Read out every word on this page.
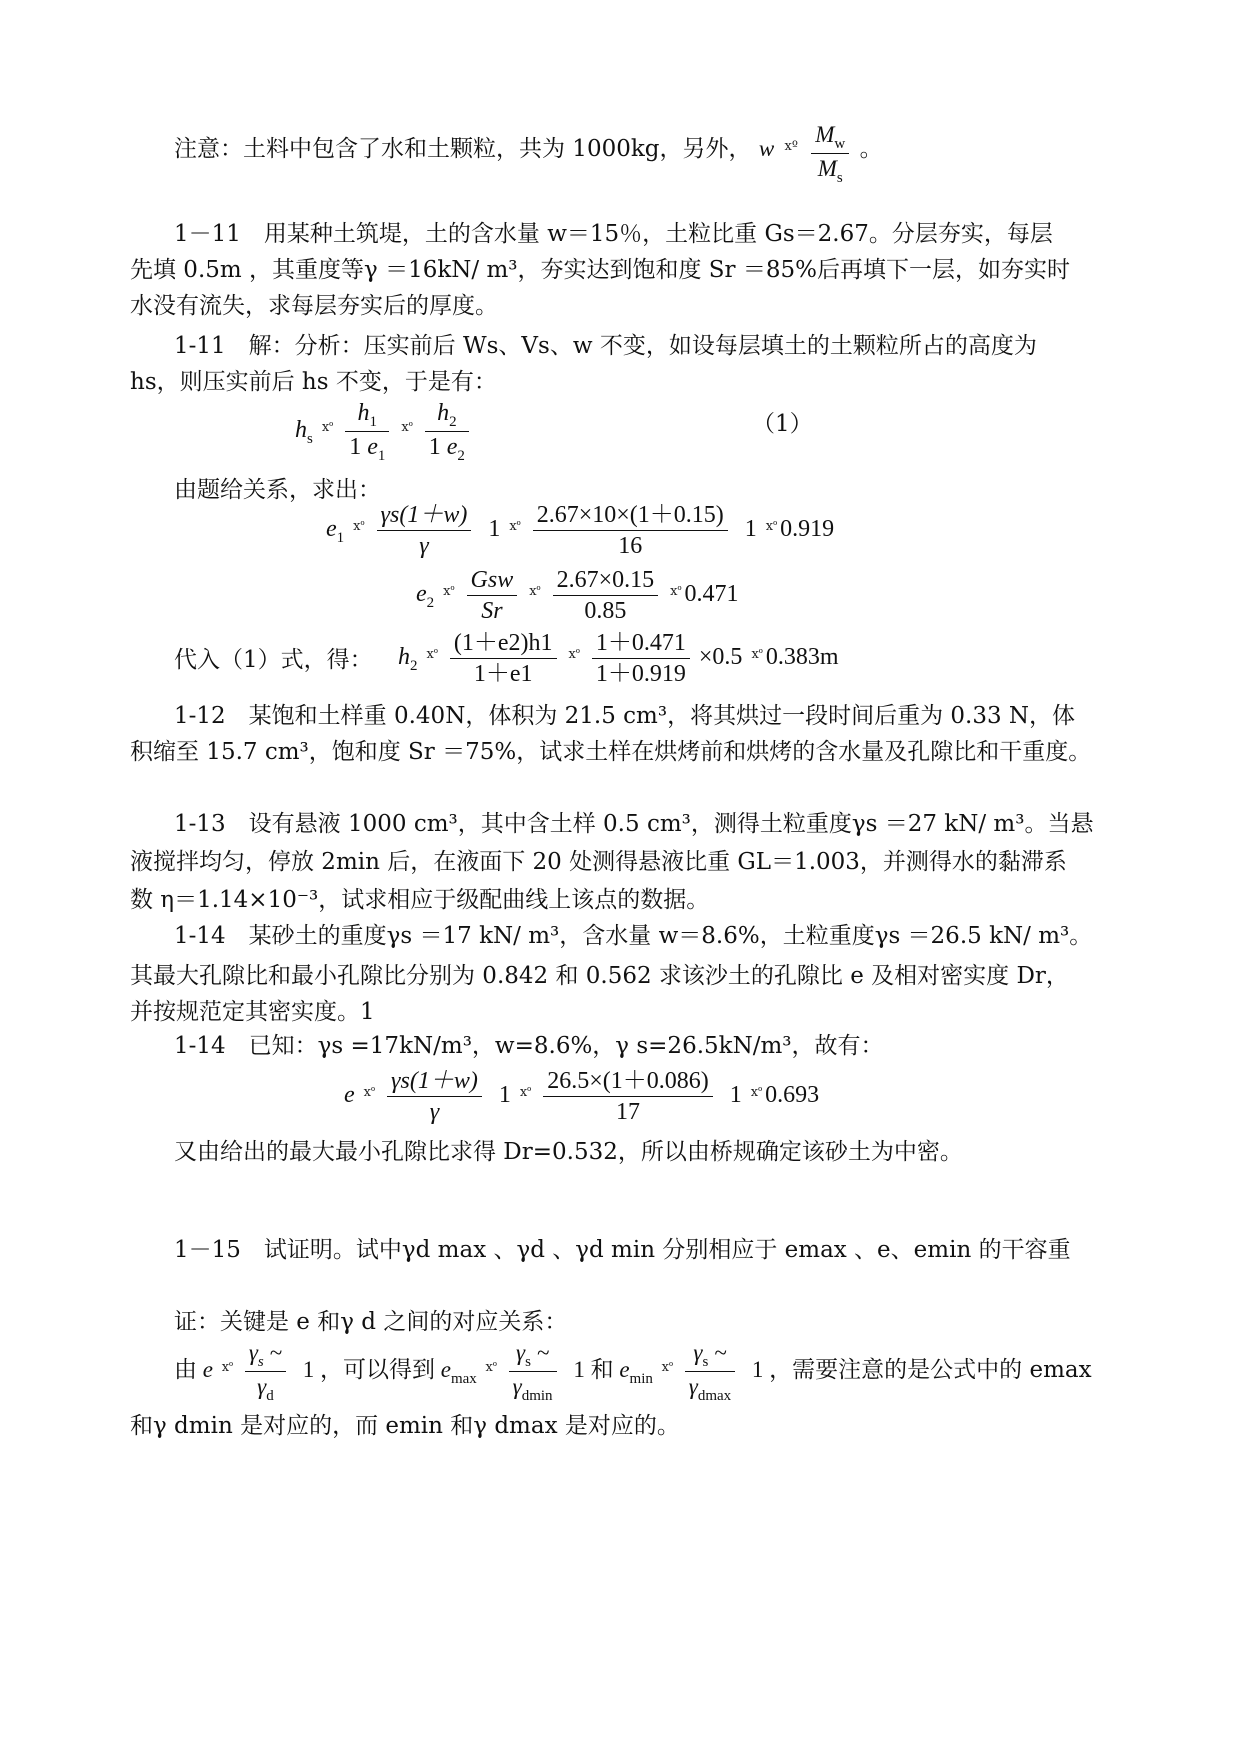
注意：土料中包含了水和土颗粒，共为 1000kg，另外， w $^{ⅹº} \frac{M_w}{M_s}$ 。
1－11　用某种土筑堤，土的含水量 w＝15％，土粒比重 Gs＝2.67。分层夯实，每层
先填 0.5m ，其重度等γ ＝16kN/ m³，夯实达到饱和度 Sr ＝85%后再填下一层，如夯实时
水没有流失，求每层夯实后的厚度。
1-11　解：分析：压实前后 Ws、Vs、w 不变，如设每层填土的土颗粒所占的高度为
hs，则压实前后 hs 不变，于是有：
$h_s$ $^{ⅹº} \frac{h_1}{1 e_1} ^{ⅹº} \frac{h_2}{1 e_2}$	（1）
由题给关系，求出：
$e_1$ $^{ⅹº} \frac{\gamma s(1+w)}{\gamma} 1$ $^{ⅹº} \frac{2.67\times 10\times(1+0.15)}{16} 1$ $^{ⅹº}$ 0.919
$e_2$ $^{ⅹº} \frac{\text{Gsw}}{Sr} ^{ⅹº} \frac{2.67\times 0.15}{0.85} ^{ⅹº}$ 0.471
代入（1）式，得： $h_2$ $^{ⅹº} \frac{(1+e2)h1}{1+e1} ^{ⅹº} \frac{1+0.471}{1+0.919} \times 0.5$ $^{ⅹº}$ 0.383m
1-12　某饱和土样重 0.40N，体积为 21.5 cm³，将其烘过一段时间后重为 0.33 N，体
积缩至 15.7 cm³，饱和度 Sr ＝75%，试求土样在烘烤前和烘烤的含水量及孔隙比和干重度。
1-13　设有悬液 1000 cm³，其中含土样 0.5 cm³，测得土粒重度γs ＝27 kN/ m³。当悬
液搅拌均匀，停放 2min 后，在液面下 20 处测得悬液比重 GL＝1.003，并测得水的黏滞系
数 η＝1.14×10⁻³，试求相应于级配曲线上该点的数据。
1-14　某砂土的重度γs ＝17 kN/ m³，含水量 w＝8.6%，土粒重度γs ＝26.5 kN/ m³。
其最大孔隙比和最小孔隙比分别为 0.842 和 0.562 求该沙土的孔隙比 e 及相对密实度 Dr，
并按规范定其密实度。1
1-14　已知：γs =17kN/m³，w=8.6%，γ s=26.5kN/m³，故有：
e $^{ⅹº} \frac{\gamma s(1+w)}{\gamma} 1$ $^{ⅹº} \frac{26.5\times(1+0.086)}{17} 1$ $^{ⅹº}$ 0.693
又由给出的最大最小孔隙比求得 Dr=0.532，所以由桥规确定该砂土为中密。
1－15　试证明。试中γd max 、γd 、γd min 分别相应于 emax 、e、emin 的干容重
证：关键是 e 和γ d 之间的对应关系：
由 e $^{ⅹº} \frac{\gamma_s \sim}{\gamma_d} 1$ ，可以得到 $e_{max}$ $^{ⅹº} \frac{\gamma_s \sim}{\gamma_{dmin}} 1$ 和 $e_{min}$ $^{ⅹº} \frac{\gamma_s \sim}{\gamma_{dmax}} 1$ ，需要注意的是公式中的 emax
和γ dmin 是对应的，而 emin 和γ dmax 是对应的。
